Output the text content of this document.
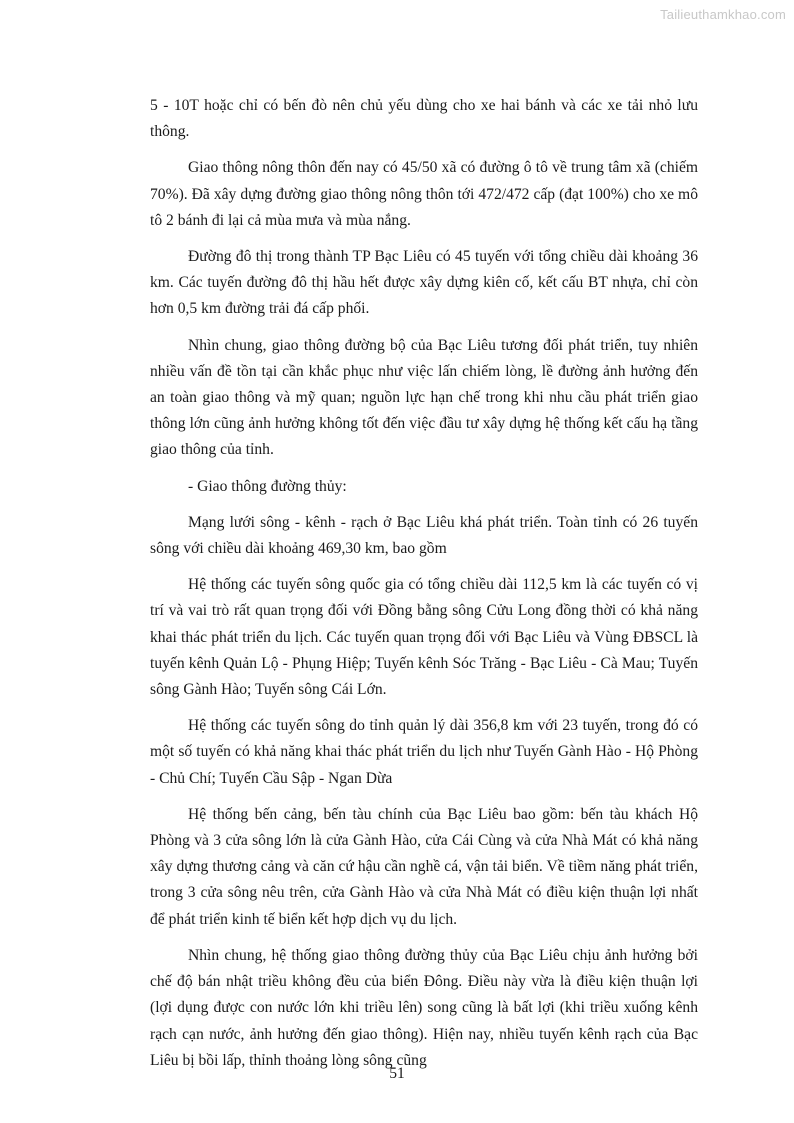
Tailieuthamkhao.com

5 - 10T hoặc chỉ có bến đò nên chủ yếu dùng cho xe hai bánh và các xe tải nhỏ lưu thông.

Giao thông nông thôn đến nay có 45/50 xã có đường ô tô về trung tâm xã (chiếm 70%). Đã xây dựng đường giao thông nông thôn tới 472/472 cấp (đạt 100%) cho xe mô tô 2 bánh đi lại cả mùa mưa và mùa nắng.

Đường đô thị trong thành TP Bạc Liêu có 45 tuyến với tổng chiều dài khoảng 36 km. Các tuyến đường đô thị hầu hết được xây dựng kiên cố, kết cấu BT nhựa, chỉ còn hơn 0,5 km đường trải đá cấp phối.

Nhìn chung, giao thông đường bộ của Bạc Liêu tương đối phát triển, tuy nhiên nhiều vấn đề tồn tại cần khắc phục như việc lấn chiếm lòng, lề đường ảnh hưởng đến an toàn giao thông và mỹ quan; nguồn lực hạn chế trong khi nhu cầu phát triển giao thông lớn cũng ảnh hưởng không tốt đến việc đầu tư xây dựng hệ thống kết cấu hạ tầng giao thông của tỉnh.

- Giao thông đường thủy:

Mạng lưới sông - kênh - rạch ở Bạc Liêu khá phát triển. Toàn tỉnh có 26 tuyến sông với chiều dài khoảng 469,30 km, bao gồm

Hệ thống các tuyến sông quốc gia có tổng chiều dài 112,5 km là các tuyến có vị trí và vai trò rất quan trọng đối với Đồng bằng sông Cửu Long đồng thời có khả năng khai thác phát triển du lịch. Các tuyến quan trọng đối với Bạc Liêu và Vùng ĐBSCL là tuyến kênh Quản Lộ - Phụng Hiệp; Tuyến kênh Sóc Trăng - Bạc Liêu - Cà Mau; Tuyến sông Gành Hào; Tuyến sông Cái Lớn.

Hệ thống các tuyến sông do tỉnh quản lý dài 356,8 km với 23 tuyến, trong đó có một số tuyến có khả năng khai thác phát triển du lịch như Tuyến Gành Hào - Hộ Phòng - Chủ Chí; Tuyến Cầu Sập - Ngan Dừa

Hệ thống bến cảng, bến tàu chính của Bạc Liêu bao gồm: bến tàu khách Hộ Phòng và 3 cửa sông lớn là cửa Gành Hào, cửa Cái Cùng và cửa Nhà Mát có khả năng xây dựng thương cảng và căn cứ hậu cần nghề cá, vận tải biển. Về tiềm năng phát triển, trong 3 cửa sông nêu trên, cửa Gành Hào và cửa Nhà Mát có điều kiện thuận lợi nhất để phát triển kinh tế biển kết hợp dịch vụ du lịch.

Nhìn chung, hệ thống giao thông đường thủy của Bạc Liêu chịu ảnh hưởng bởi chế độ bán nhật triều không đều của biển Đông. Điều này vừa là điều kiện thuận lợi (lợi dụng được con nước lớn khi triều lên) song cũng là bất lợi (khi triều xuống kênh rạch cạn nước, ảnh hưởng đến giao thông). Hiện nay, nhiều tuyến kênh rạch của Bạc Liêu bị bồi lấp, thỉnh thoảng lòng sông cũng

51
